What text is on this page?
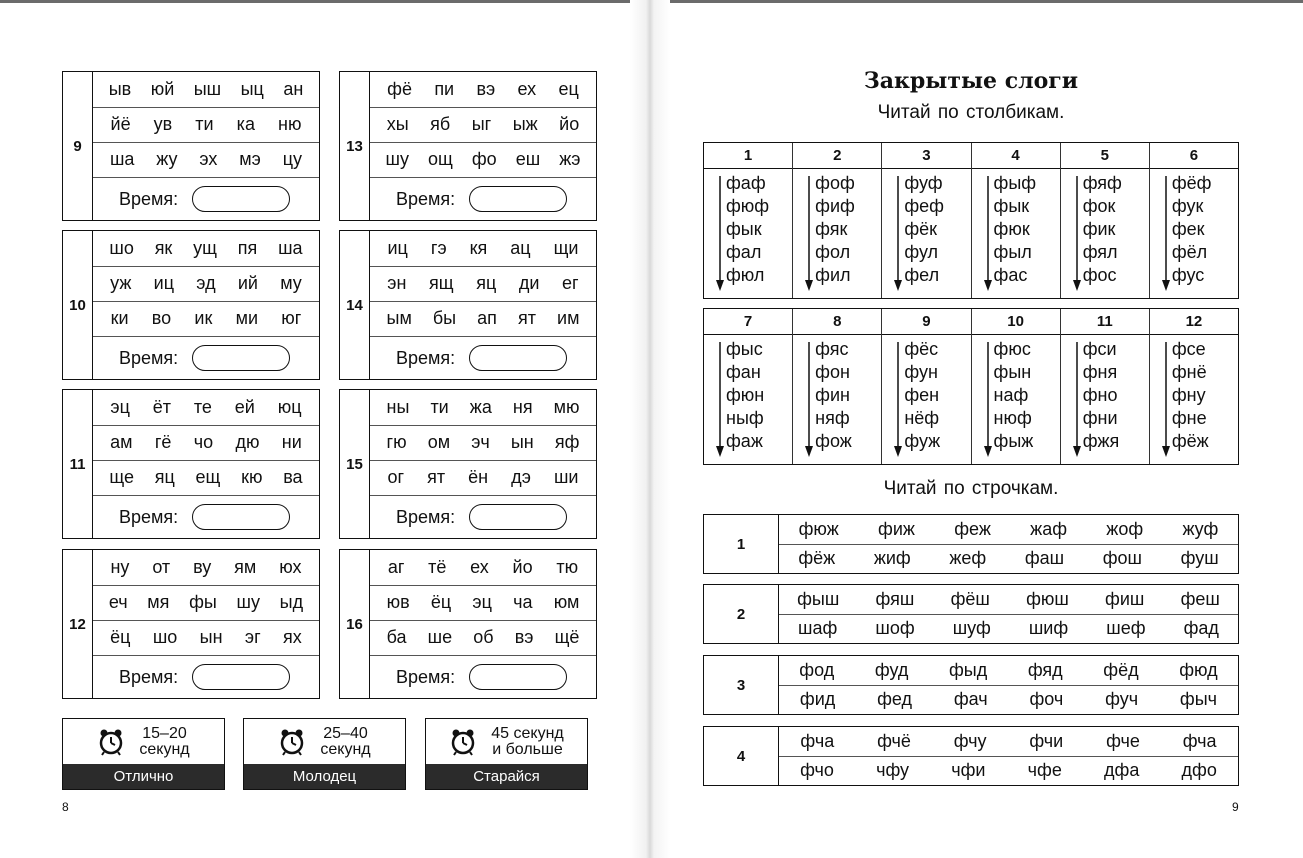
9
ыв юй ыш ыц ан
йё ув ти ка ню
ша жу эх мэ цу
Время:
10
шо як ущ пя ша
уж иц эд ий му
ки во ик ми юг
Время:
11
эц ёт те ей юц
ам гё чо дю ни
ще яц ещ кю ва
Время:
12
ну от ву ям юх
еч мя фы шу ыд
ёц шо ын эг ях
Время:
13
фё пи вэ ех ец
хы яб ыг ыж йо
шу ощ фо еш жэ
Время:
14
иц гэ кя ац щи
эн ящ яц ди ег
ым бы ап ят им
Время:
15
ны ти жа ня мю
гю ом эч ын яф
ог ят ён дэ ши
Время:
16
аг тё ех йо тю
юв ёц эц ча юм
ба ше об вэ щё
Время:
15–20
секунд
Отлично
25–40
секунд
Молодец
45 секунд
и больше
Старайся
8
Закрытые слоги
Читай по столбикам.
1
фаф
фюф
фык
фал
фюл
2
фоф
фиф
фяк
фол
фил
3
фуф
феф
фёк
фул
фел
4
фыф
фык
фюк
фыл
фас
5
фяф
фок
фик
фял
фос
6
фёф
фук
фек
фёл
фус
7
фыс
фан
фюн
ныф
фаж
8
фяс
фон
фин
няф
фож
9
фёс
фун
фен
нёф
фуж
10
фюс
фын
наф
нюф
фыж
11
фси
фня
фно
фни
фжя
12
фсе
фнё
фну
фне
фёж
Читай по строчкам.
1
фюж фиж феж жаф жоф жуф
фёж жиф жеф фаш фош фуш
2
фыш фяш фёш фюш фиш феш
шаф шоф шуф шиф шеф фад
3
фод фуд фыд фяд фёд фюд
фид фед фач фоч фуч фыч
4
фча фчё фчу фчи фче фча
фчо чфу чфи чфе дфа дфо
9
